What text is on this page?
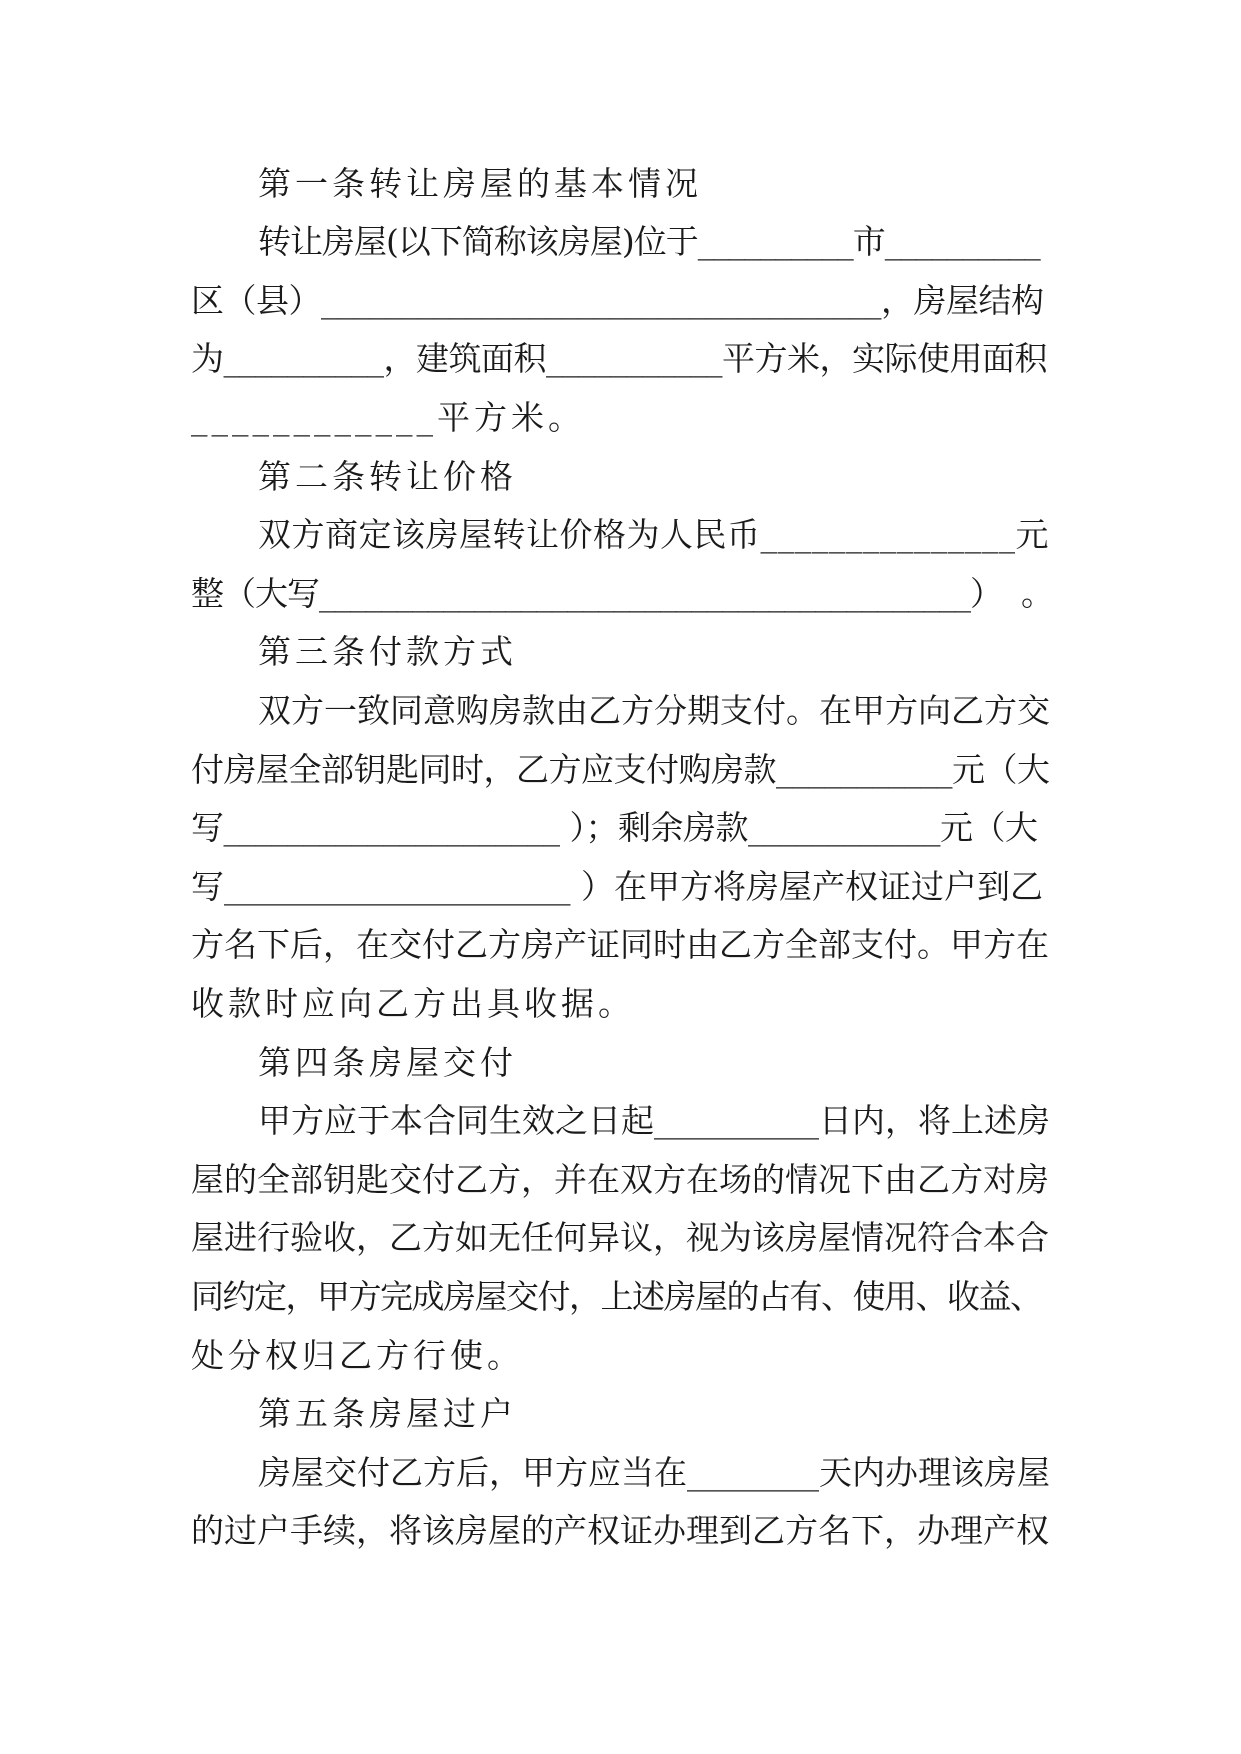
第一条转让房屋的基本情况
转让房屋(以下简称该房屋)位于__________市__________
区（县）___________________________________，房屋结构
为__________，建筑面积___________平方米，实际使用面积
____________平方米。
第二条转让价格
双方商定该房屋转让价格为人民币_______________元
整（大写__________________________________________）  。
第三条付款方式
双方一致同意购房款由乙方分期支付。在甲方向乙方交
付房屋全部钥匙同时，乙方应支付购房款___________元（大
写_____________________ ）；剩余房款____________元（大
写_____________________ ）在甲方将房屋产权证过户到乙
方名下后，在交付乙方房产证同时由乙方全部支付。甲方在
收款时应向乙方出具收据。
第四条房屋交付
甲方应于本合同生效之日起__________日内，将上述房
屋的全部钥匙交付乙方，并在双方在场的情况下由乙方对房
屋进行验收，乙方如无任何异议，视为该房屋情况符合本合
同约定，甲方完成房屋交付，上述房屋的占有、使用、收益、
处分权归乙方行使。
第五条房屋过户
房屋交付乙方后，甲方应当在________天内办理该房屋
的过户手续，将该房屋的产权证办理到乙方名下，办理产权
